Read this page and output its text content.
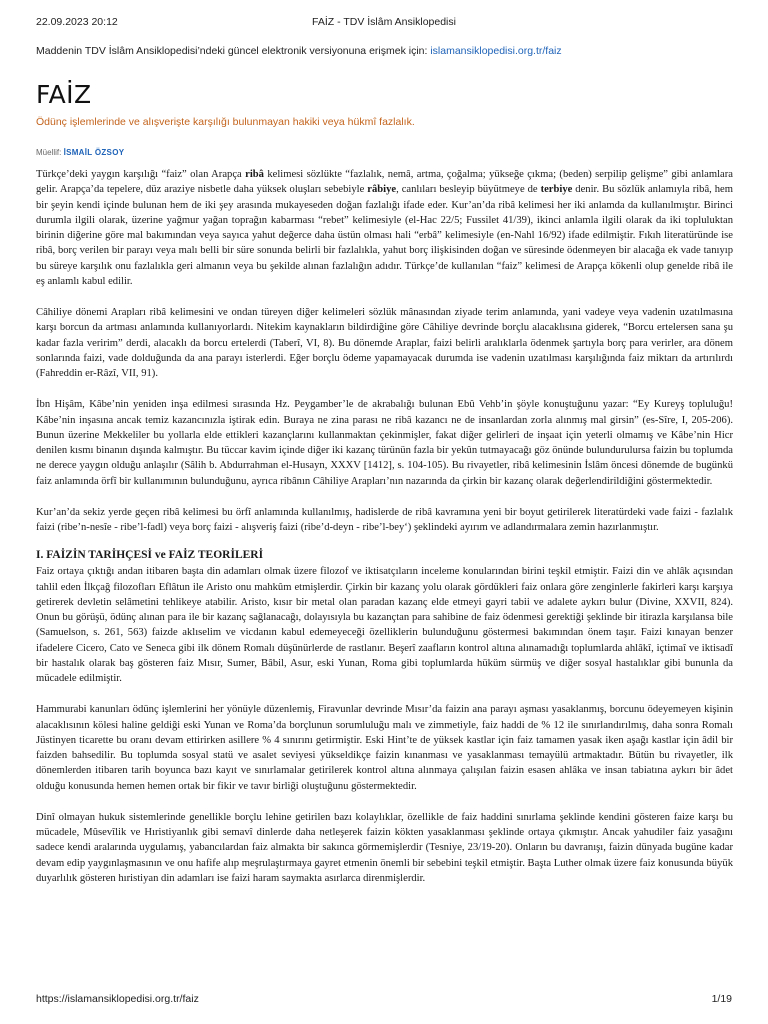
22.09.2023 20:12	FAİZ - TDV İslâm Ansiklopedisi
Maddenin TDV İslâm Ansiklopedisi’ndeki güncel elektronik versiyonuna erişmek için: islamansiklopedisi.org.tr/faiz
FAİZ
Ödünç işlemlerinde ve alışverişte karşılığı bulunmayan hakiki veya hükmî fazlalık.
Müellif: İSMAİL ÖZSOY

Türkçe’deki yaygın karşılığı “faiz” olan Arapça ribâ kelimesi sözlükte “fazlalık, nemâ, artma, çoğalma; yükseğe çıkma; (beden) serpilip gelişme” gibi anlamlara gelir. Arapça’da tepelere, düz araziye nisbetle daha yüksek oluşları sebebiyle râbiye, canlıları besleyip büyütmeye de terbiye denir. Bu sözlük anlamıyla ribâ, hem bir şeyin kendi içinde bulunan hem de iki şey arasında mukayeseden doğan fazlalığı ifade eder. Kur’an’da ribâ kelimesi her iki anlamda da kullanılmıştır. Birinci durumla ilgili olarak, üzerine yağmur yağan toprağın kabarması “rebet” kelimesiyle (el-Hac 22/5; Fussilet 41/39), ikinci anlamla ilgili olarak da iki topluluktan birinin diğerine göre mal bakımından veya sayıca yahut değerce daha üstün olması hali “erbâ” kelimesiyle (en-Nahl 16/92) ifade edilmiştir. Fıkıh literatüründe ise ribâ, borç verilen bir parayı veya malı belli bir süre sonunda belirli bir fazlalıkla, yahut borç ilişkisinden doğan ve süresinde ödenmeyen bir alacağa ek vade tanıyıp bu süreye karşılık onu fazlalıkla geri almanın veya bu şekilde alınan fazlalığın adıdır. Türkçe’de kullanılan “faiz” kelimesi de Arapça kökenli olup genelde ribâ ile eş anlamlı kabul edilir.

Câhiliye dönemi Arapları ribâ kelimesini ve ondan türeyen diğer kelimeleri sözlük mânasından ziyade terim anlamında, yani vadeye veya vadenin uzatılmasına karşı borcun da artması anlamında kullanıyorlardı. Nitekim kaynakların bildirdiğine göre Câhiliye devrinde borçlu alacaklısına giderek, “Borcu ertelersen sana şu kadar fazla veririm” derdi, alacaklı da borcu ertelerdi (Taberî, VI, 8). Bu dönemde Araplar, faizi belirli aralıklarla ödenmek şartıyla borç para verirler, ara dönem sonlarında faizi, vade dolduğunda da ana parayı isterlerdi. Eğer borçlu ödeme yapamayacak durumda ise vadenin uzatılması karşılığında faiz miktarı da artırılırdı (Fahreddin er-Râzî, VII, 91).

İbn Hişâm, Kâbe’nin yeniden inşa edilmesi sırasında Hz. Peygamber’le de akrabalığı bulunan Ebû Vehb’in şöyle konuştuğunu yazar: “Ey Kureyş topluluğu! Kâbe’nin inşasına ancak temiz kazancınızla iştirak edin. Buraya ne zina parası ne ribâ kazancı ne de insanlardan zorla alınmış mal girsin” (es-Sîre, I, 205-206). Bunun üzerine Mekkeliler bu yollarla elde ettikleri kazançlarını kullanmaktan çekinmişler, fakat diğer gelirleri de inşaat için yeterli olmamış ve Kâbe’nin Hicr denilen kısmı binanın dışında kalmıştır. Bu tüccar kavim içinde diğer iki kazanç türünün fazla bir yekûn tutmayacağı göz önünde bulundurulursa faizin bu toplumda ne derece yaygın olduğu anlaşılır (Sâlih b. Abdurrahman el-Husayn, XXXV [1412], s. 104-105). Bu rivayetler, ribâ kelimesinin İslâm öncesi dönemde de bugünkü faiz anlamında örfî bir kullanımının bulunduğunu, ayrıca ribânın Câhiliye Arapları’nın nazarında da çirkin bir kazanç olarak değerlendirildiğini göstermektedir.

Kur’an’da sekiz yerde geçen ribâ kelimesi bu örfî anlamında kullanılmış, hadislerde de ribâ kavramına yeni bir boyut getirilerek literatürdeki vade faizi - fazlalık faizi (ribe’n-nesîe - ribe’l-fadl) veya borç faizi - alışveriş faizi (ribe’d-deyn - ribe’l-bey‘) şeklindeki ayırım ve adlandırmalara zemin hazırlanmıştır.

I. FAİZİN TARİHÇESİ ve FAİZ TEORİLERİ

Faiz ortaya çıktığı andan itibaren başta din adamları olmak üzere filozof ve iktisatçıların inceleme konularından birini teşkil etmiştir. Faizi din ve ahlâk açısından tahlil eden İlkçağ filozofları Eflâtun ile Aristo onu mahkûm etmişlerdir. Çirkin bir kazanç yolu olarak gördükleri faiz onlara göre zenginlerle fakirleri karşı karşıya getirerek devletin selâmetini tehlikeye atabilir. Aristo, kısır bir metal olan paradan kazanç elde etmeyi gayri tabii ve adalete aykırı bulur (Divine, XXVII, 824). Onun bu görüşü, ödünç alınan para ile bir kazanç sağlanacağı, dolayısıyla bu kazançtan para sahibine de faiz ödenmesi gerektiği şeklinde bir itirazla karşılansa bile (Samuelson, s. 261, 563) faizde aklıselim ve vicdanın kabul edemeyeceği özelliklerin bulunduğunu göstermesi bakımından önem taşır. Faizi kınayan benzer ifadelere Cicero, Cato ve Seneca gibi ilk dönem Romalı düşünürlerde de rastlanır. Beşerî zaafların kontrol altına alınamadığı toplumlarda ahlâkî, içtimaî ve iktisadî bir hastalık olarak baş gösteren faiz Mısır, Sumer, Bâbil, Asur, eski Yunan, Roma gibi toplumlarda hüküm sürmüş ve diğer sosyal hastalıklar gibi bununla da mücadele edilmiştir.

Hammurabi kanunları ödünç işlemlerini her yönüyle düzenlemiş, Firavunlar devrinde Mısır’da faizin ana parayı aşması yasaklanmış, borcunu ödeyemeyen kişinin alacaklısının kölesi haline geldiği eski Yunan ve Roma’da borçlunun sorumluluğu malı ve zimmetiyle, faiz haddi de % 12 ile sınırlandırılmış, daha sonra Romalı Jüstinyen ticarette bu oranı devam ettirirken asillere % 4 sınırını getirmiştir. Eski Hint’te de yüksek kastlar için faiz tamamen yasak iken aşağı kastlar için âdil bir faizden bahsedilir. Bu toplumda sosyal statü ve asalet seviyesi yükseldikçe faizin kınanması ve yasaklanması temayülü artmaktadır. Bütün bu rivayetler, ilk dönemlerden itibaren tarih boyunca bazı kayıt ve sınırlamalar getirilerek kontrol altına alınmaya çalışılan faizin esasen ahlâka ve insan tabiatına aykırı bir âdet olduğu konusunda hemen hemen ortak bir fikir ve tavır birliği oluştuğunu göstermektedir.

Dinî olmayan hukuk sistemlerinde genellikle borçlu lehine getirilen bazı kolaylıklar, özellikle de faiz haddini sınırlama şeklinde kendini gösteren faize karşı bu mücadele, Mûsevîlik ve Hıristiyanlık gibi semavî dinlerde daha netleşerek faizin kökten yasaklanması şeklinde ortaya çıkmıştır. Ancak yahudiler faiz yasağını sadece kendi aralarında uygulamış, yabancılardan faiz almakta bir sakınca görmemişlerdir (Tesniye, 23/19-20). Onların bu davranışı, faizin dünyada bugüne kadar devam edip yaygınlaşmasının ve onu hafife alıp meşrulaştırmaya gayret etmenin önemli bir sebebini teşkil etmiştir. Başta Luther olmak üzere faiz konusunda büyük duyarlılık gösteren hıristiyan din adamları ise faizi haram saymakta asırlarca direnmişlerdir.

https://islamansiklopedisi.org.tr/faiz	1/19
